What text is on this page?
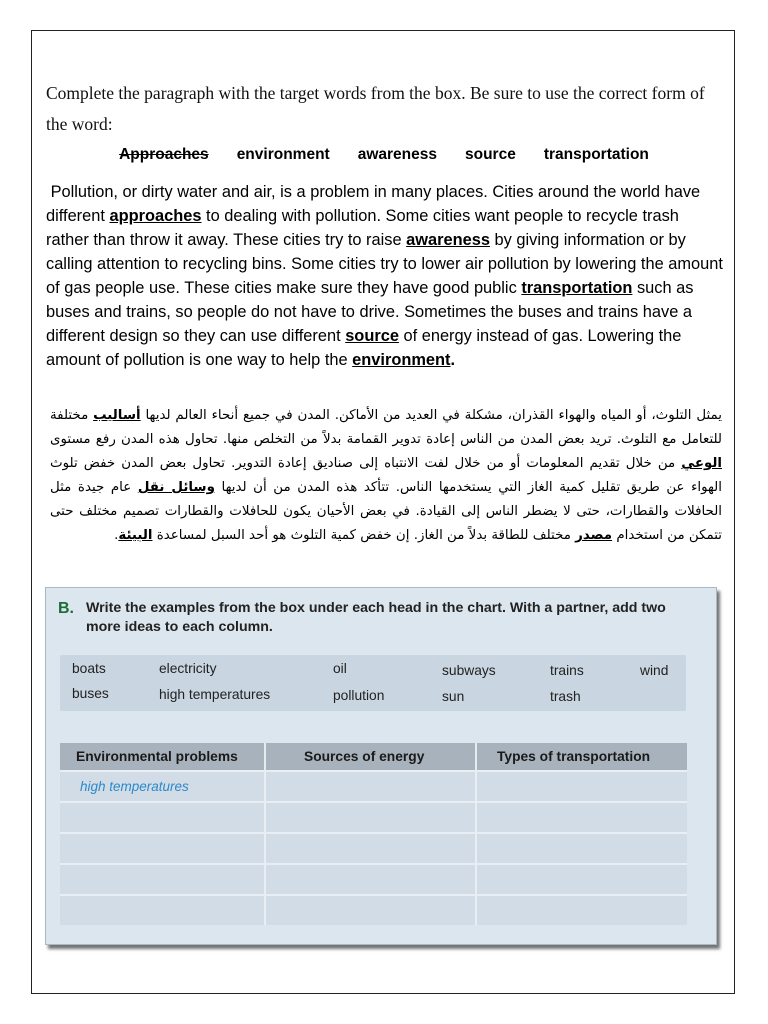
Complete the paragraph with the target words from the box. Be sure to use the correct form of the word:
Approaches environment awareness source transportation
Pollution, or dirty water and air, is a problem in many places. Cities around the world have different approaches to dealing with pollution. Some cities want people to recycle trash rather than throw it away. These cities try to raise awareness by giving information or by calling attention to recycling bins. Some cities try to lower air pollution by lowering the amount of gas people use. These cities make sure they have good public transportation such as buses and trains, so people do not have to drive. Sometimes the buses and trains have a different design so they can use different source of energy instead of gas. Lowering the amount of pollution is one way to help the environment.
يمثل التلوث، أو المياه والهواء القذران، مشكلة في العديد من الأماكن. المدن في جميع أنحاء العالم لديها أساليب مختلفة للتعامل مع التلوث. تريد بعض المدن من الناس إعادة تدوير القمامة بدلاً من التخلص منها. تحاول هذه المدن رفع مستوى الوعي من خلال تقديم المعلومات أو من خلال لفت الانتباه إلى صناديق إعادة التدوير. تحاول بعض المدن خفض تلوث الهواء عن طريق تقليل كمية الغاز التي يستخدمها الناس. تتأكد هذه المدن من أن لديها وسائل نقل عام جيدة مثل الحافلات والقطارات، حتى لا يضطر الناس إلى القيادة. في بعض الأحيان يكون للحافلات والقطارات تصميم مختلف حتى تتمكن من استخدام مصدر مختلف للطاقة بدلاً من الغاز. إن خفض كمية التلوث هو أحد السبل لمساعدة البيئة.
B. Write the examples from the box under each head in the chart. With a partner, add two more ideas to each column.
boats	electricity	oil	subways	trains	wind
buses	high temperatures	pollution	sun	trash
Environmental problems	Sources of energy	Types of transportation
high temperatures
